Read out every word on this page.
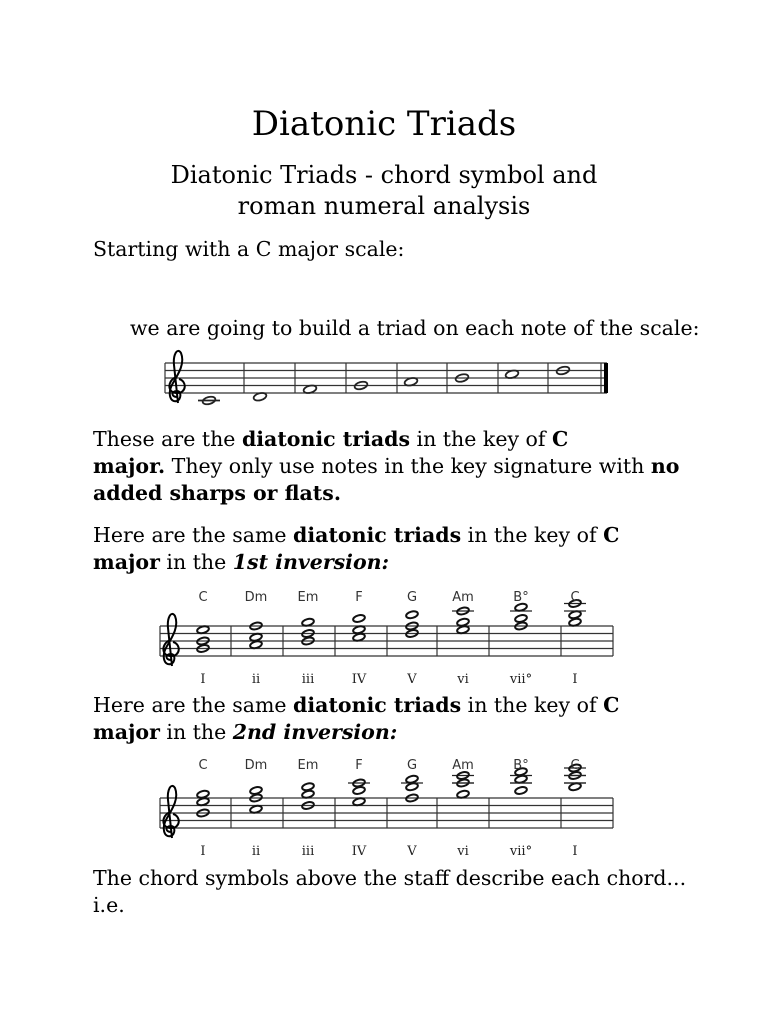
Diatonic Triads
Diatonic Triads - chord symbol and
roman numeral analysis
Starting with a C major scale:
we are going to build a triad on each note of the scale:
These are the diatonic triads in the key of C
major. They only use notes in the key signature with no
added sharps or flats.
Here are the same diatonic triads in the key of C
major in the 1st inversion:
C
I
Dm
ii
Em
iii
F
IV
G
V
Am
vi
B°
vii°
C
I
Here are the same diatonic triads in the key of C
major in the 2nd inversion:
C
I
Dm
ii
Em
iii
F
IV
G
V
Am
vi
B°
vii°
C
I
The chord symbols above the staff describe each chord...
i.e.
